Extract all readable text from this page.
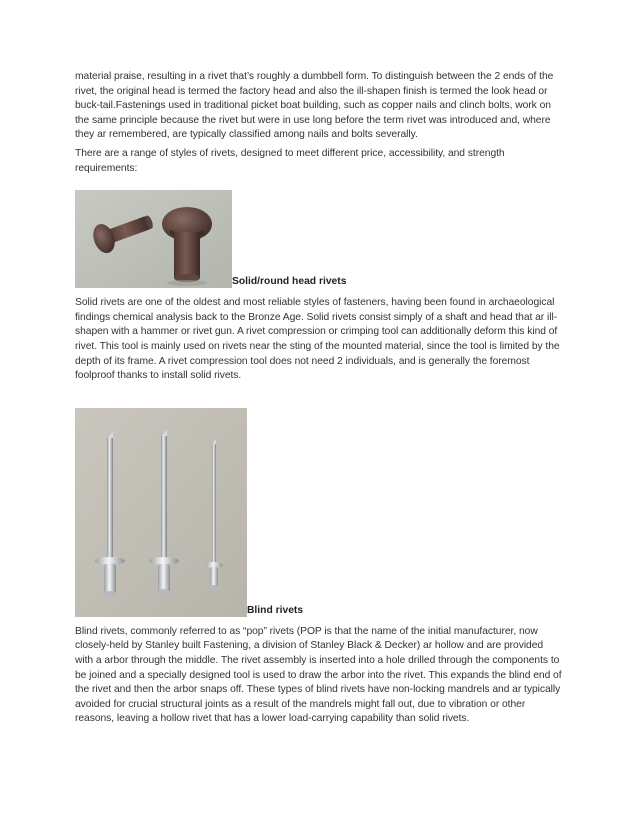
material praise, resulting in a rivet that’s roughly a dumbbell form. To distinguish between the 2 ends of the rivet, the original head is termed the factory head and also the ill-shapen finish is termed the look head or buck-tail.Fastenings used in traditional picket boat building, such as copper nails and clinch bolts, work on the same principle because the rivet but were in use long before the term rivet was introduced and, where they ar remembered, are typically classified among nails and bolts severally.

There are a range of styles of rivets, designed to meet different price, accessibility, and strength requirements:

Solid/round head rivets

Solid rivets are one of the oldest and most reliable styles of fasteners, having been found in archaeological findings chemical analysis back to the Bronze Age. Solid rivets consist simply of a shaft and head that ar ill-shapen with a hammer or rivet gun. A rivet compression or crimping tool can additionally deform this kind of rivet. This tool is mainly used on rivets near the sting of the mounted material, since the tool is limited by the depth of its frame. A rivet compression tool does not need 2 individuals, and is generally the foremost foolproof thanks to install solid rivets.

Blind rivets

Blind rivets, commonly referred to as “pop” rivets (POP is that the name of the initial manufacturer, now closely-held by Stanley built Fastening, a division of Stanley Black & Decker) ar hollow and are provided with a arbor through the middle. The rivet assembly is inserted into a hole drilled through the components to be joined and a specially designed tool is used to draw the arbor into the rivet. This expands the blind end of the rivet and then the arbor snaps off. These types of blind rivets have non-locking mandrels and ar typically avoided for crucial structural joints as a result of the mandrels might fall out, due to vibration or other reasons, leaving a hollow rivet that has a lower load-carrying capability than solid rivets.
